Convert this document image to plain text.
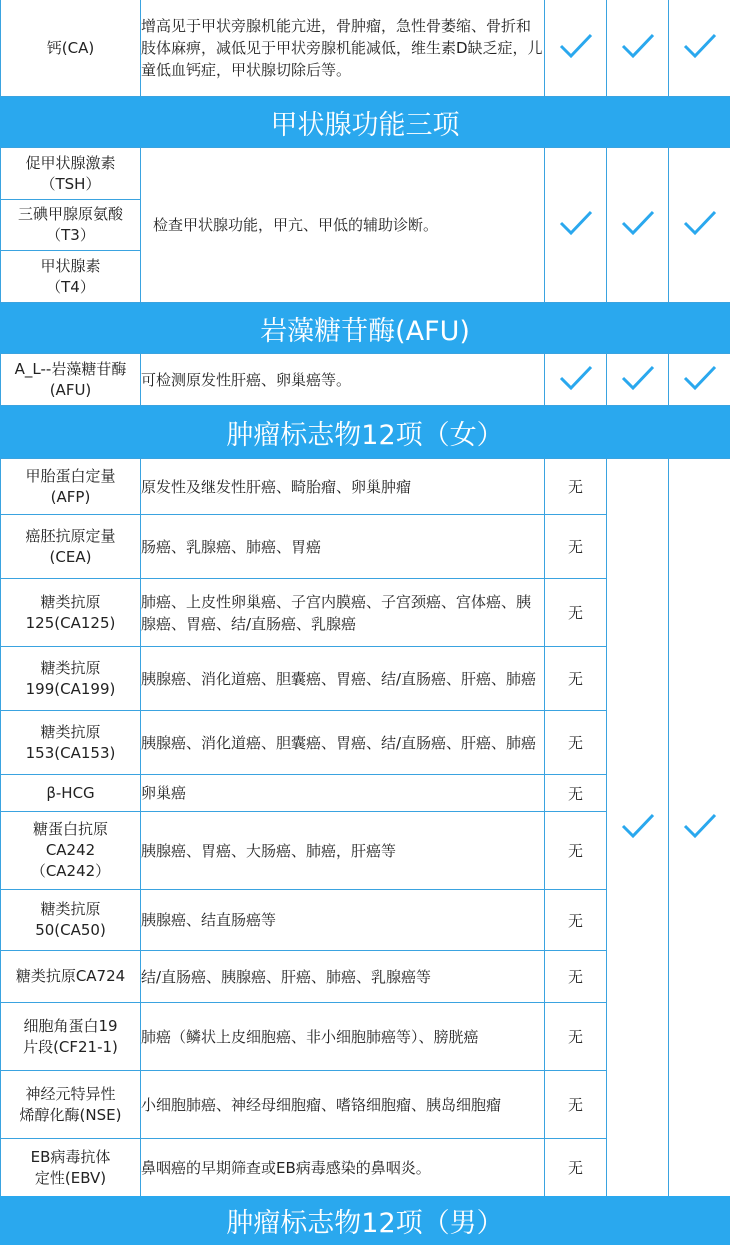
钙(CA)	增高见于甲状旁腺机能亢进，骨肿瘤，急性骨萎缩、骨折和肢体麻痹，减低见于甲状旁腺机能减低，维生素D缺乏症，儿童低血钙症，甲状腺切除后等。	

甲状腺功能三项
促甲状腺激素
（TSH）
三碘甲腺原氨酸
（T3）
甲状腺素
（T4）
	检查甲状腺功能，甲亢、甲低的辅助诊断。	

岩藻糖苷酶(AFU)
A_L--岩藻糖苷酶
(AFU)
	可检测原发性肝癌、卵巢癌等。	

肿瘤标志物12项（女）
甲胎蛋白定量
(AFP)	原发性及继发性肝癌、畸胎瘤、卵巢肿瘤	无	

癌胚抗原定量
(CEA)	肠癌、乳腺癌、肺癌、胃癌	无		

糖类抗原
125(CA125)	肺癌、上皮性卵巢癌、子宫内膜癌、子宫颈癌、宫体癌、胰腺癌、胃癌、结/直肠癌、乳腺癌	无		

糖类抗原
199(CA199)	胰腺癌、消化道癌、胆囊癌、胃癌、结/直肠癌、肝癌、肺癌	无		

糖类抗原
153(CA153)	胰腺癌、消化道癌、胆囊癌、胃癌、结/直肠癌、肝癌、肺癌	无		

β-HCG	卵巢癌	无		

糖蛋白抗原
CA242
（CA242）	胰腺癌、胃癌、大肠癌、肺癌，肝癌等	无		

糖类抗原
50(CA50)	胰腺癌、结直肠癌等	无		

糖类抗原CA724	结/直肠癌、胰腺癌、肝癌、肺癌、乳腺癌等	无		

细胞角蛋白19
片段(CF21-1)	肺癌（鳞状上皮细胞癌、非小细胞肺癌等）、膀胱癌	无		

神经元特异性
烯醇化酶(NSE)	小细胞肺癌、神经母细胞瘤、嗜铬细胞瘤、胰岛细胞瘤	无		

EB病毒抗体
定性(EBV)	鼻咽癌的早期筛查或EB病毒感染的鼻咽炎。	无		
肿瘤标志物12项（男）
